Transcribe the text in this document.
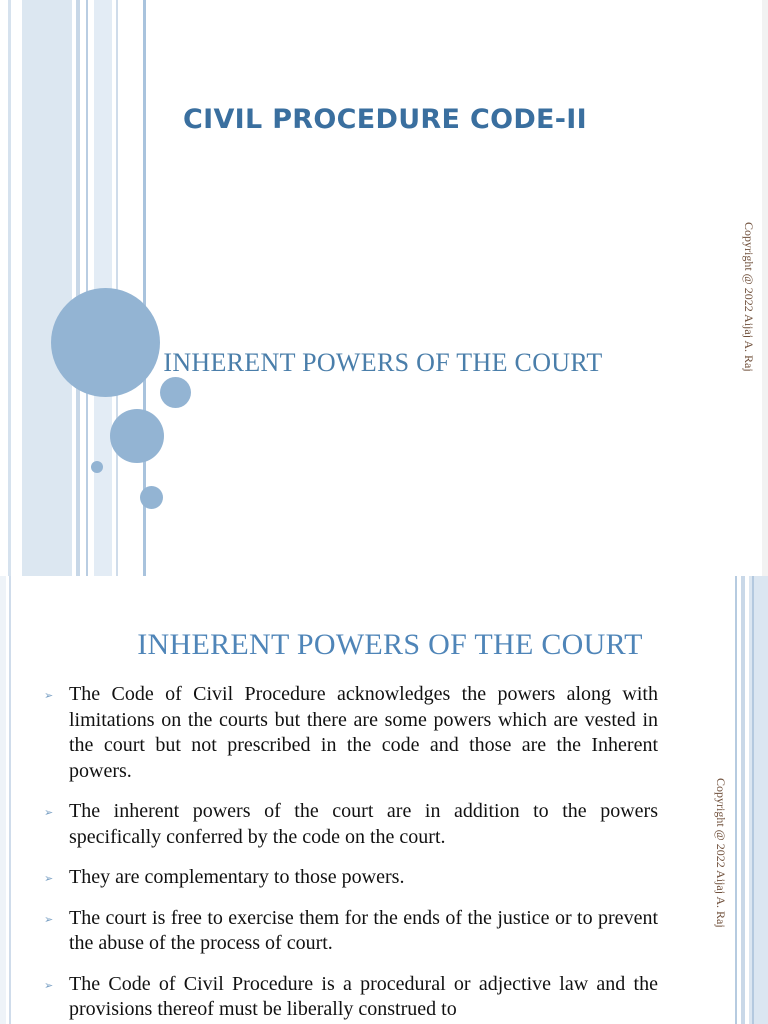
CIVIL PROCEDURE CODE-II
INHERENT POWERS OF THE COURT	Copyright @ 2022 Aijaj A. Raj
INHERENT POWERS OF THE COURT
➢ The Code of Civil Procedure acknowledges the powers along with limitations on the courts but there are some powers which are vested in the court but not prescribed in the code and those are the Inherent powers.
➢ The inherent powers of the court are in addition to the powers specifically conferred by the code on the court.
➢ They are complementary to those powers.
➢ The court is free to exercise them for the ends of the justice or to prevent the abuse of the process of court.
➢ The Code of Civil Procedure is a procedural or adjective law and the provisions thereof must be liberally construed to
Copyright @ 2022 Aijaj A. Raj
